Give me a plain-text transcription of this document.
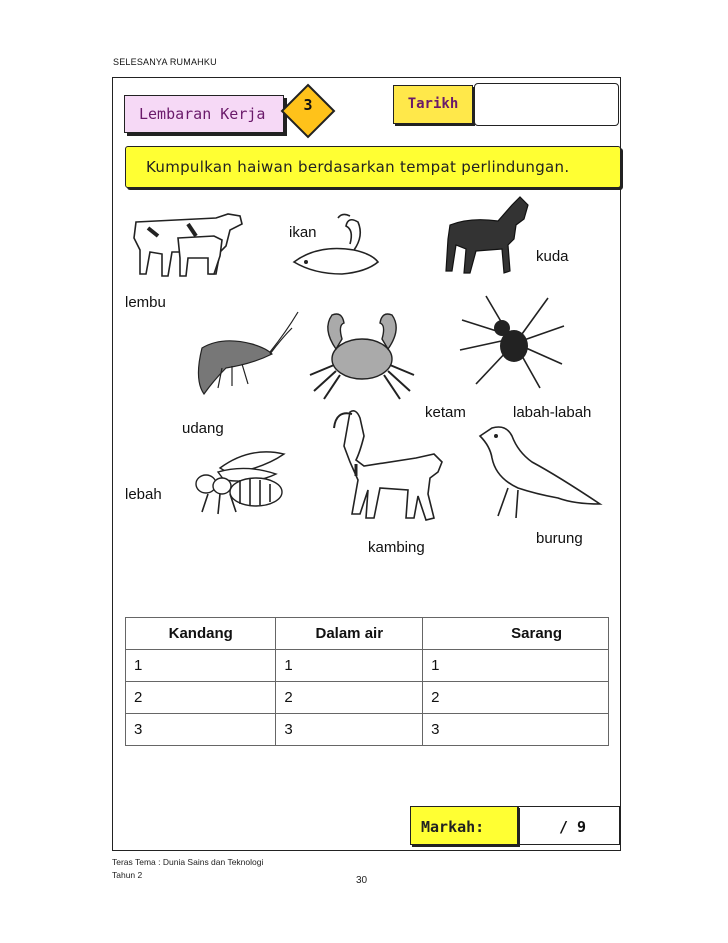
SELESANYA RUMAHKU
Lembaran Kerja	3	Tarikh
Kumpulkan haiwan berdasarkan tempat perlindungan.
lembu
ikan
kuda
udang
ketam	labah-labah
lebah
kambing
burung
Kandang	Dalam air	Sarang
1	1	1
2	2	2
3	3	3
Markah:	/ 9
Teras Tema : Dunia Sains dan Teknologi
Tahun 2	30
